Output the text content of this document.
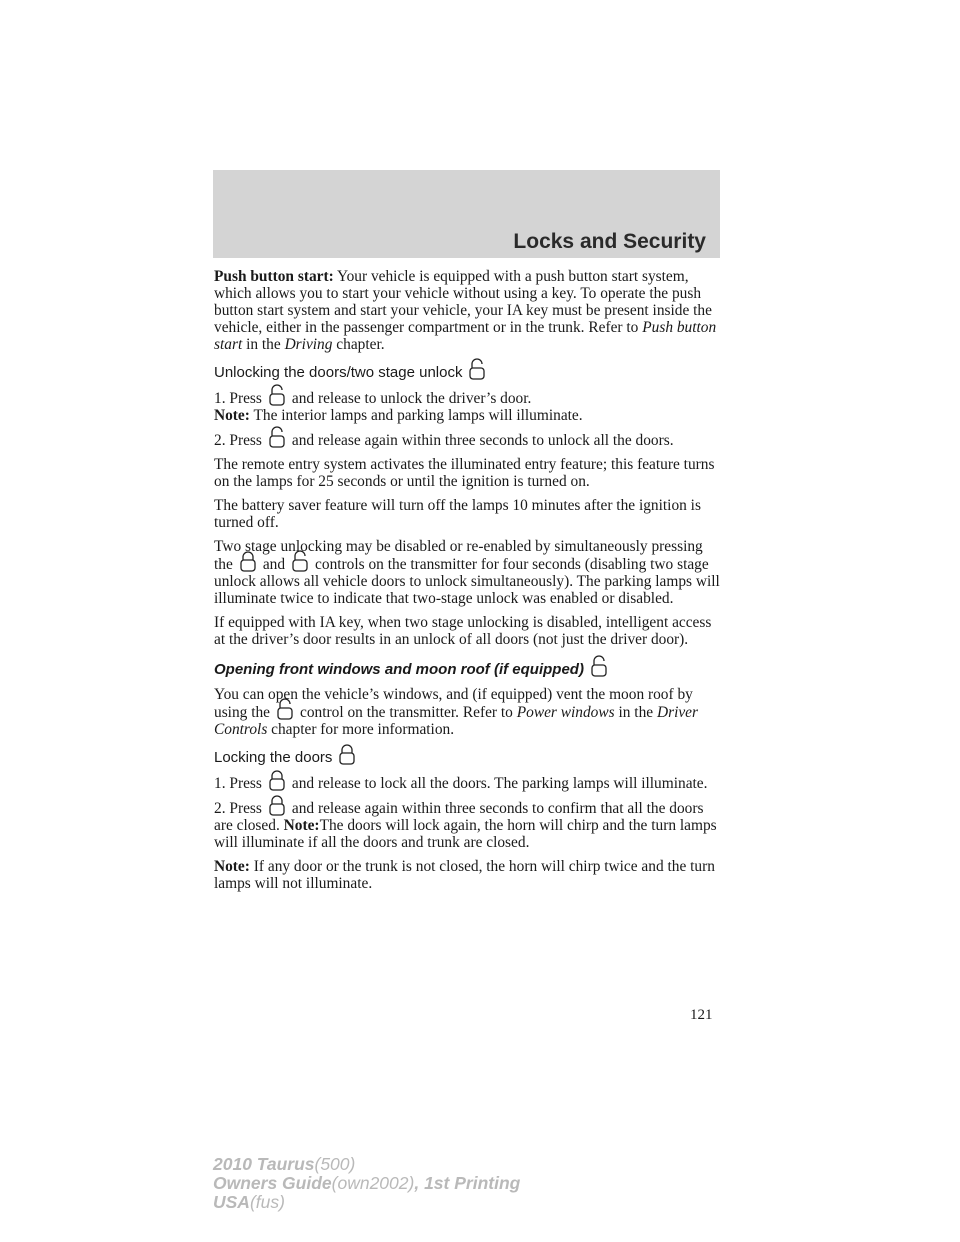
Locks and Security

Push button start: Your vehicle is equipped with a push button start system, which allows you to start your vehicle without using a key. To operate the push button start system and start your vehicle, your IA key must be present inside the vehicle, either in the passenger compartment or in the trunk. Refer to Push button start in the Driving chapter.

Unlocking the doors/two stage unlock

1. Press and release to unlock the driver’s door.
Note: The interior lamps and parking lamps will illuminate.

2. Press and release again within three seconds to unlock all the doors.

The remote entry system activates the illuminated entry feature; this feature turns on the lamps for 25 seconds or until the ignition is turned on.

The battery saver feature will turn off the lamps 10 minutes after the ignition is turned off.

Two stage unlocking may be disabled or re-enabled by simultaneously pressing the and controls on the transmitter for four seconds (disabling two stage unlock allows all vehicle doors to unlock simultaneously). The parking lamps will illuminate twice to indicate that two-stage unlock was enabled or disabled.

If equipped with IA key, when two stage unlocking is disabled, intelligent access at the driver’s door results in an unlock of all doors (not just the driver door).

Opening front windows and moon roof (if equipped)

You can open the vehicle’s windows, and (if equipped) vent the moon roof by using the control on the transmitter. Refer to Power windows in the Driver Controls chapter for more information.

Locking the doors

1. Press and release to lock all the doors. The parking lamps will illuminate.

2. Press and release again within three seconds to confirm that all the doors are closed. Note:The doors will lock again, the horn will chirp and the turn lamps will illuminate if all the doors and trunk are closed.

Note: If any door or the trunk is not closed, the horn will chirp twice and the turn lamps will not illuminate.

121
2010 Taurus(500)
Owners Guide(own2002), 1st Printing
USA(fus)
